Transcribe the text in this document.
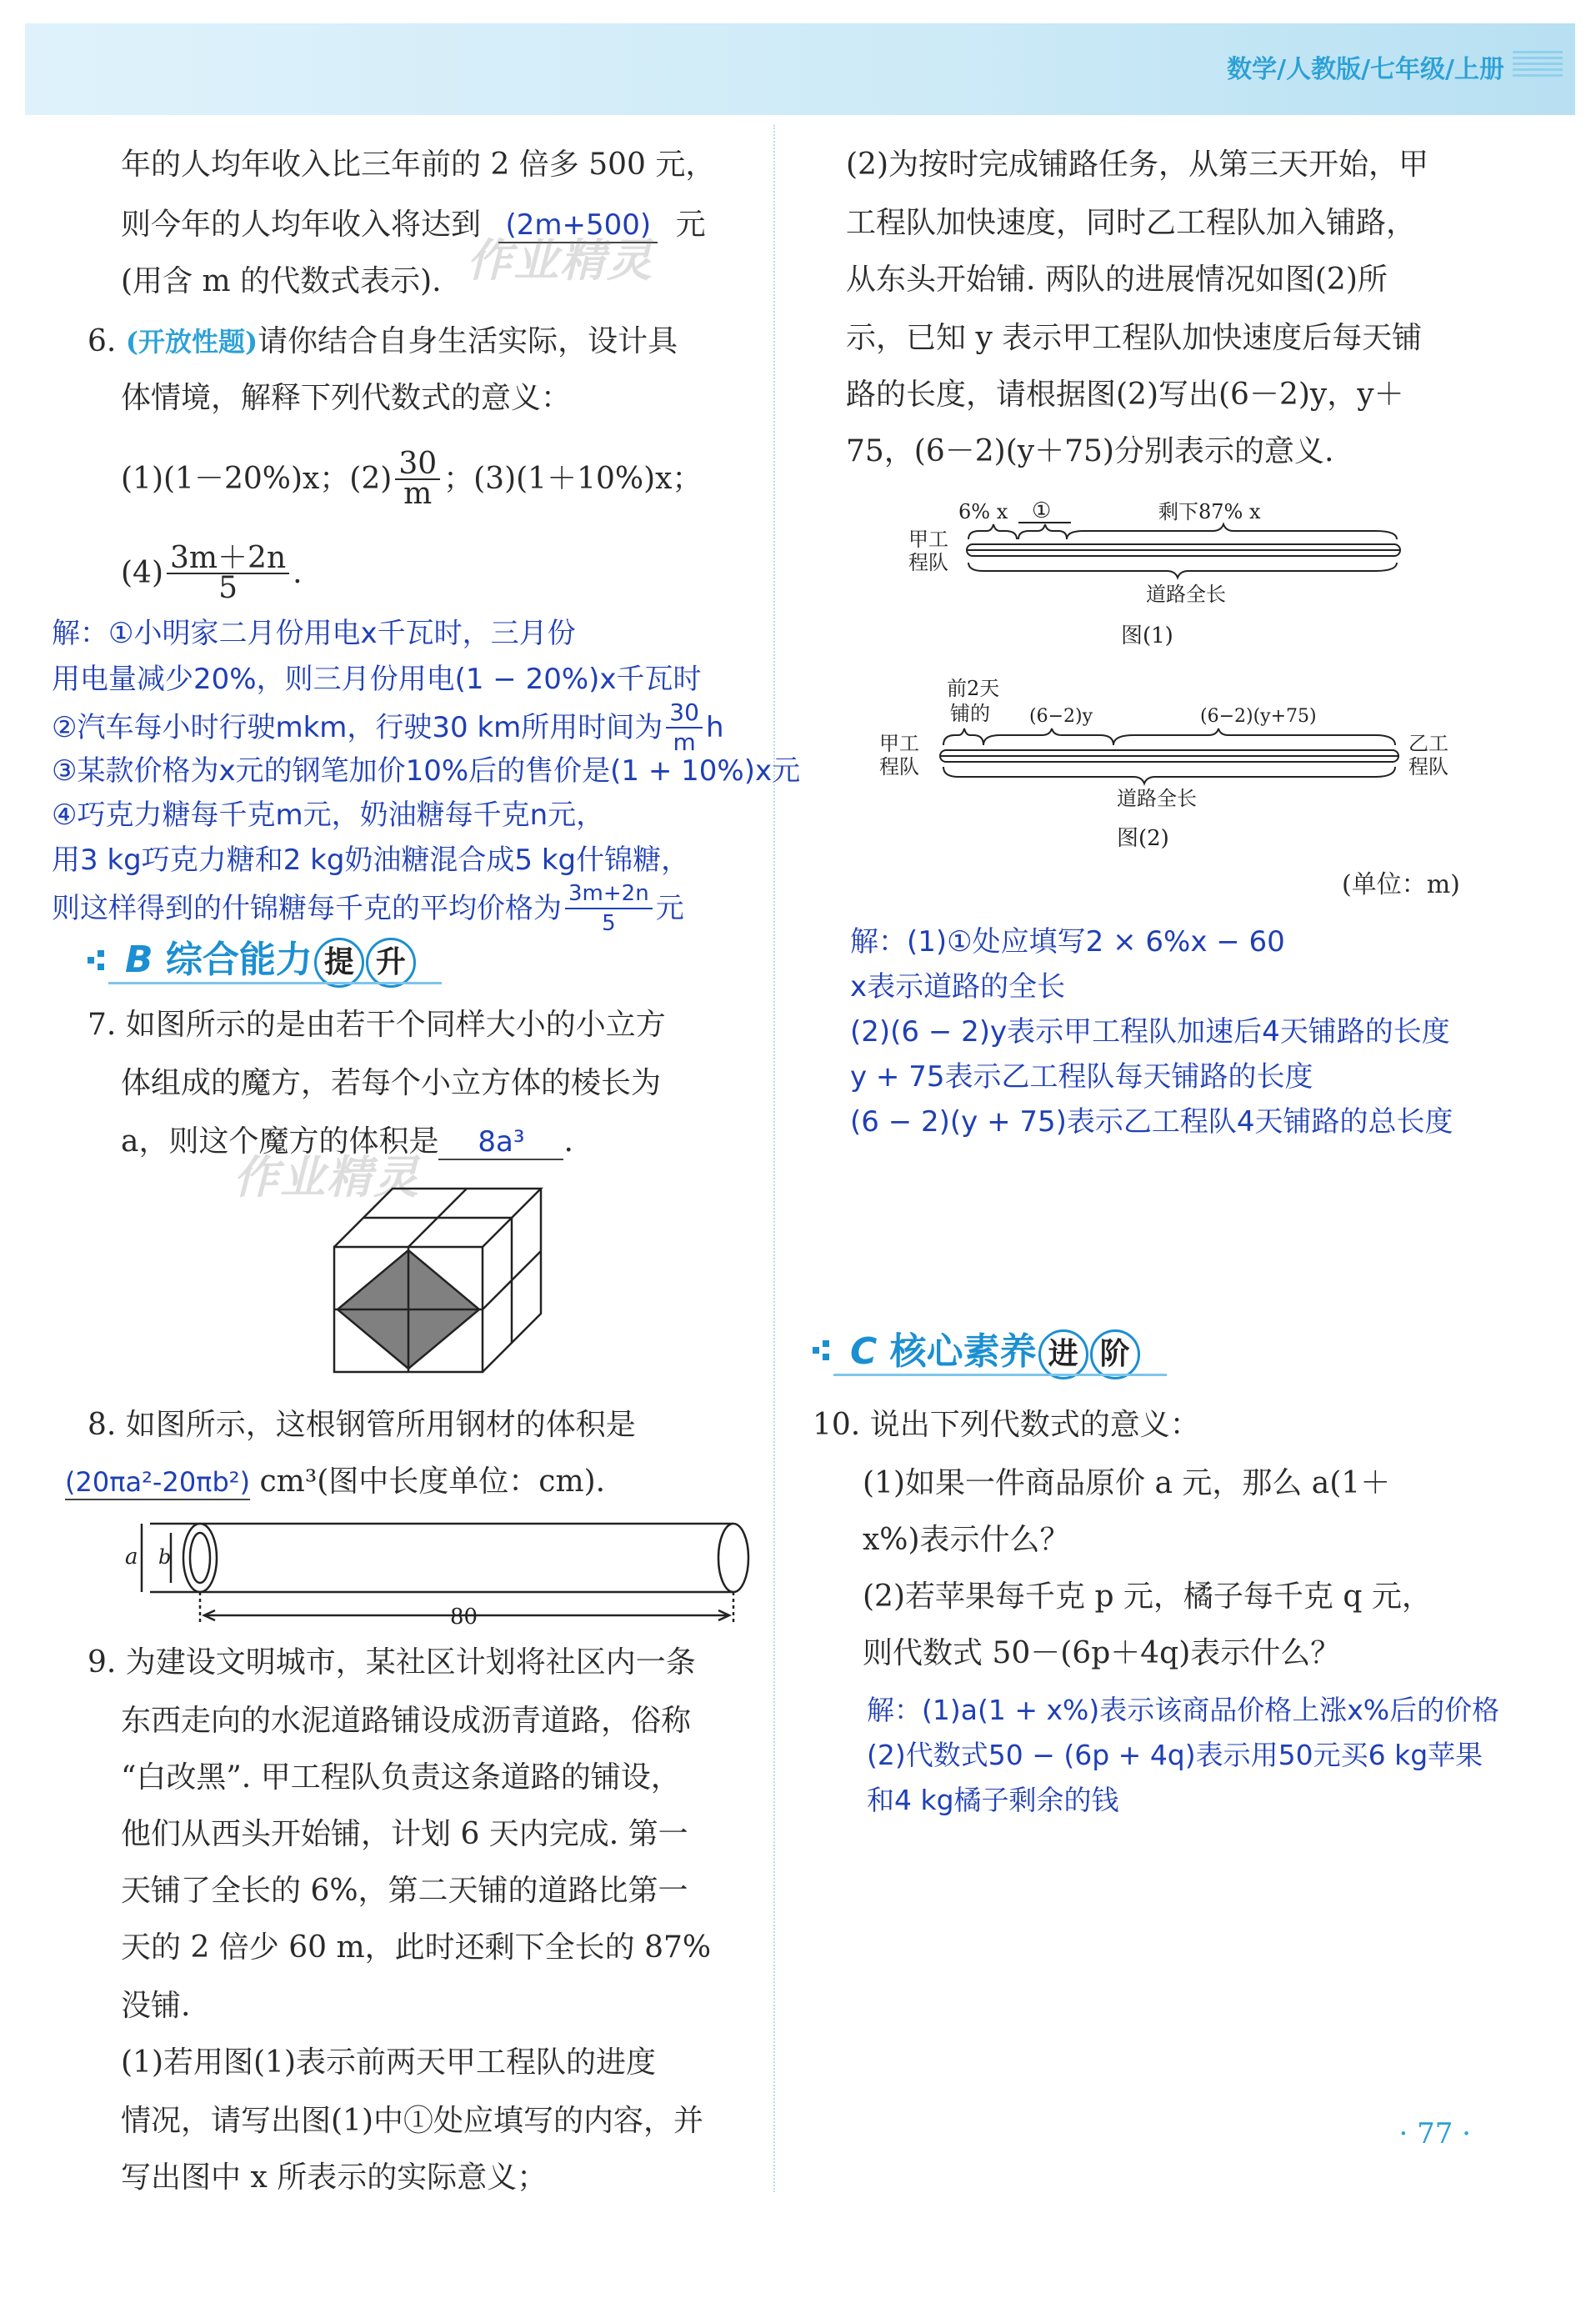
数学/人教版/七年级/上册
年的人均年收入比三年前的 2 倍多 500 元，
则今年的人均年收入将达到 (2m+500) 元
(用含 m 的代数式表示). 作业精灵
6. (开放性题)请你结合自身生活实际，设计具
体情境，解释下列代数式的意义：
(1)(1－20%)x；$(2) \frac{30}{m}$ ；(3)(1＋10%)x；
$(4) \frac{3m+2n}{5}$ .
解：①小明家二月份用电x千瓦时，三月份
用电量减少20%，则三月份用电(1 − 20%)x千瓦时
②汽车每小时行驶mkm，行驶30 km所用时间为 $\frac{30}{m}$ h
③某款价格为x元的钢笔加价10%后的售价是(1 + 10%)x元
④巧克力糖每千克m元，奶油糖每千克n元，
用3 kg巧克力糖和2 kg奶油糖混合成5 kg什锦糖，
则这样得到的什锦糖每千克的平均价格为 $\frac{3m+2n}{5}$ 元
B 综合能力 提 升
7. 如图所示的是由若干个同样大小的小立方
体组成的魔方，若每个小立方体的棱长为
a，则这个魔方的体积是 8a³ .
作业精灵
8. 如图所示，这根钢管所用钢材的体积是
(20πa²-20πb²) cm³(图中长度单位：cm).
a b
80
9. 为建设文明城市，某社区计划将社区内一条
东西走向的水泥道路铺设成沥青道路，俗称
“白改黑”. 甲工程队负责这条道路的铺设，
他们从西头开始铺，计划 6 天内完成. 第一
天铺了全长的 6%，第二天铺的道路比第一
天的 2 倍少 60 m，此时还剩下全长的 87%
没铺.
(1)若用图(1)表示前两天甲工程队的进度
情况，请写出图(1)中①处应填写的内容，并
写出图中 x 所表示的实际意义；
(2)为按时完成铺路任务，从第三天开始，甲
工程队加快速度，同时乙工程队加入铺路，
从东头开始铺. 两队的进展情况如图(2)所
示，已知 y 表示甲工程队加快速度后每天铺
路的长度，请根据图(2)写出(6－2)y，y＋
75，(6－2)(y＋75)分别表示的意义.
6% x ①	剩下87% x
甲工
程队
道路全长
图(1)
前2天
铺的 (6−2)y	(6−2)(y+75)
甲工
程队
乙工
程队
道路全长
图(2)
(单位：m)
解：(1)①处应填写2 × 6%x − 60
x表示道路的全长
(2)(6 − 2)y表示甲工程队加速后4天铺路的长度
y + 75表示乙工程队每天铺路的长度
(6 − 2)(y + 75)表示乙工程队4天铺路的总长度
C 核心素养 进 阶
10. 说出下列代数式的意义：
(1)如果一件商品原价 a 元，那么 a(1＋
x%)表示什么？
(2)若苹果每千克 p 元，橘子每千克 q 元，
则代数式 50－(6p＋4q)表示什么？
解：(1)a(1 + x%)表示该商品价格上涨x%后的价格
(2)代数式50 − (6p + 4q)表示用50元买6 kg苹果
和4 kg橘子剩余的钱
· 77 ·
